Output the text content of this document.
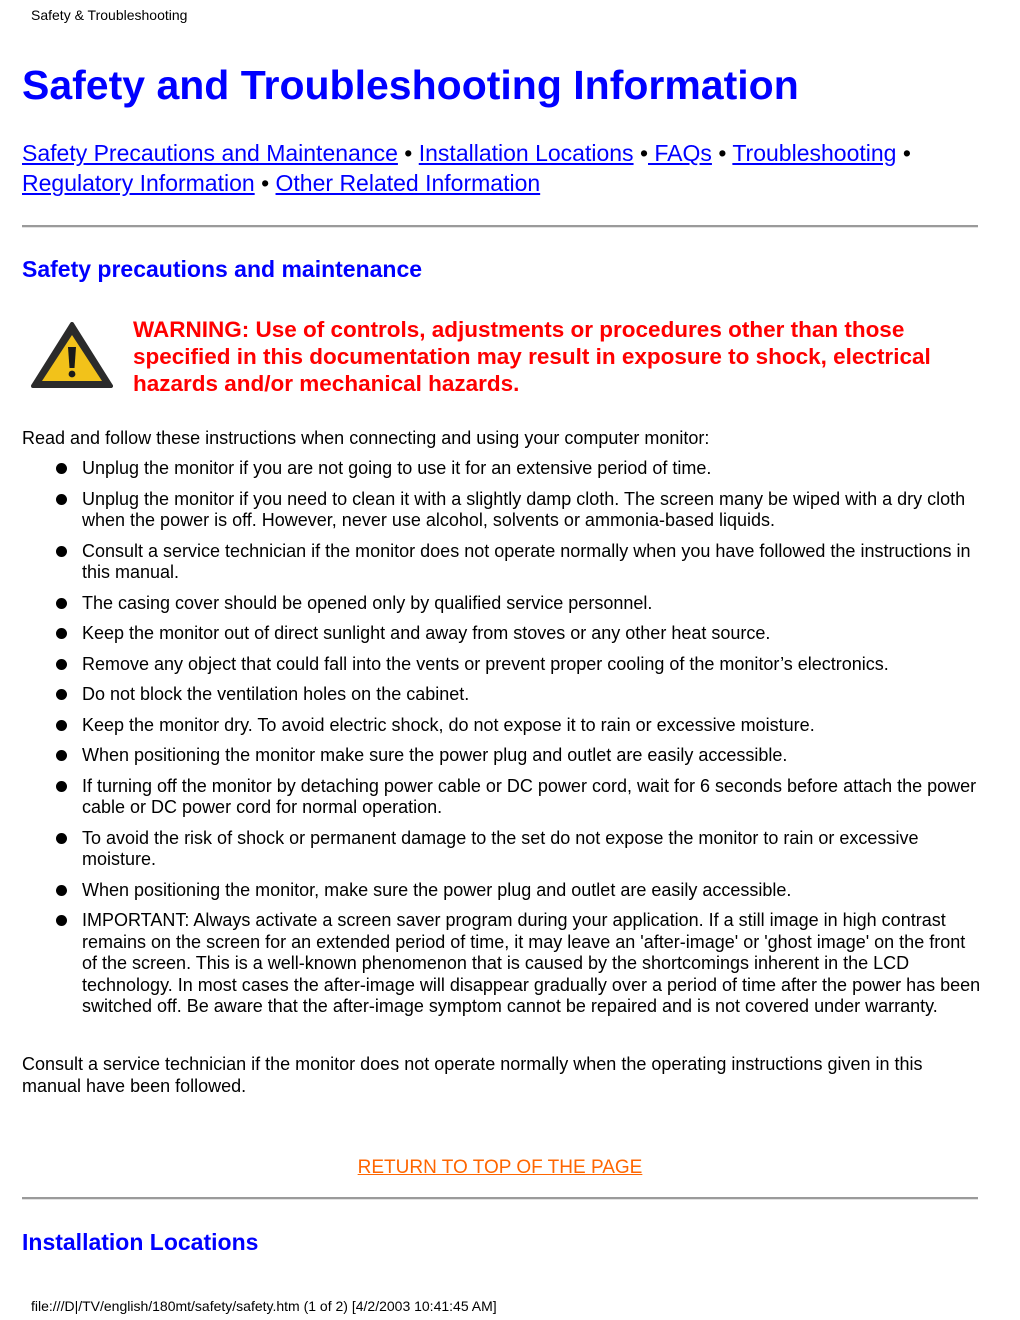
Safety & Troubleshooting
Safety and Troubleshooting Information
Safety Precautions and Maintenance • Installation Locations • FAQs • Troubleshooting • Regulatory Information • Other Related Information
Safety precautions and maintenance
WARNING: Use of controls, adjustments or procedures other than those specified in this documentation may result in exposure to shock, electrical hazards and/or mechanical hazards.
Read and follow these instructions when connecting and using your computer monitor:
Unplug the monitor if you are not going to use it for an extensive period of time.
Unplug the monitor if you need to clean it with a slightly damp cloth. The screen many be wiped with a dry cloth when the power is off. However, never use alcohol, solvents or ammonia-based liquids.
Consult a service technician if the monitor does not operate normally when you have followed the instructions in this manual.
The casing cover should be opened only by qualified service personnel.
Keep the monitor out of direct sunlight and away from stoves or any other heat source.
Remove any object that could fall into the vents or prevent proper cooling of the monitor’s electronics.
Do not block the ventilation holes on the cabinet.
Keep the monitor dry. To avoid electric shock, do not expose it to rain or excessive moisture.
When positioning the monitor make sure the power plug and outlet are easily accessible.
If turning off the monitor by detaching power cable or DC power cord, wait for 6 seconds before attach the power cable or DC power cord for normal operation.
To avoid the risk of shock or permanent damage to the set do not expose the monitor to rain or excessive moisture.
When positioning the monitor, make sure the power plug and outlet are easily accessible.
IMPORTANT: Always activate a screen saver program during your application. If a still image in high contrast remains on the screen for an extended period of time, it may leave an 'after-image' or 'ghost image' on the front of the screen. This is a well-known phenomenon that is caused by the shortcomings inherent in the LCD technology. In most cases the after-image will disappear gradually over a period of time after the power has been switched off. Be aware that the after-image symptom cannot be repaired and is not covered under warranty.
Consult a service technician if the monitor does not operate normally when the operating instructions given in this manual have been followed.
RETURN TO TOP OF THE PAGE
Installation Locations
file:///D|/TV/english/180mt/safety/safety.htm (1 of 2) [4/2/2003 10:41:45 AM]
